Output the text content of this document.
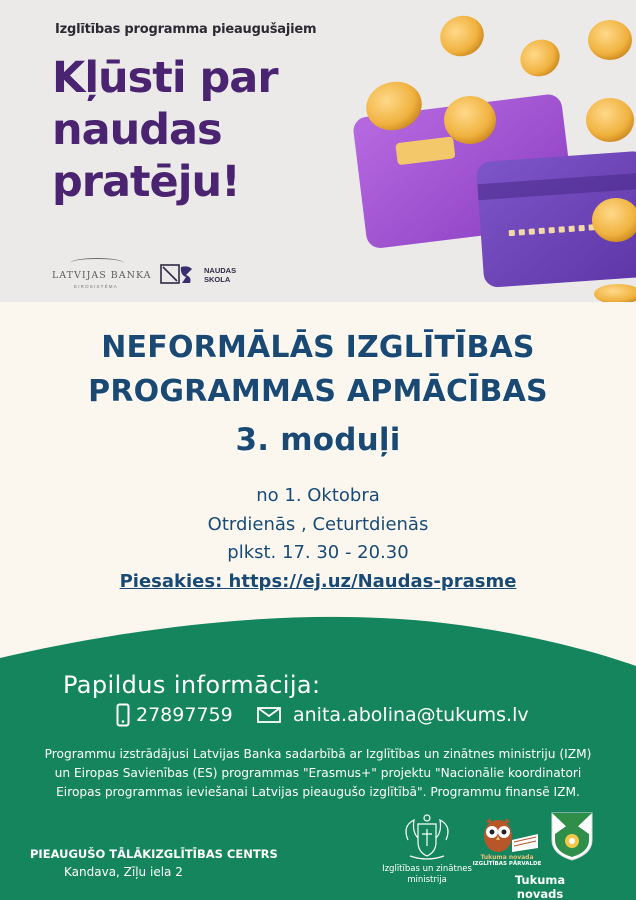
Izglītības programma pieaugušajiem
Kļūsti par
naudas
pratēju!
LATVIJAS BANKA
EIROSISTĒMA
NAUDAS
SKOLA
NEFORMĀLĀS IZGLĪTĪBAS
PROGRAMMAS APMĀCĪBAS
3. moduļi
no 1. Oktobra
Otrdienās , Ceturtdienās
plkst. 17. 30 - 20.30
Piesakies: https://ej.uz/Naudas-prasme
Papildus informācija:
27897759	anita.abolina@tukums.lv
Programmu izstrādājusi Latvijas Banka sadarbībā ar Izglītības un zinātnes ministriju (IZM) un Eiropas Savienības (ES) programmas "Erasmus+" projektu "Nacionālie koordinatori Eiropas programmas ieviešanai Latvijas pieaugušo izglītībā". Programmu finansē IZM.
PIEAUGUŠO TĀLĀKIZGLĪTĪBAS CENTRS
Kandava, Zīļu iela 2	Izglītības un zinātnes
ministrija
Tukuma novada
IZGLĪTĪBAS PĀRVALDE
Tukuma novads
